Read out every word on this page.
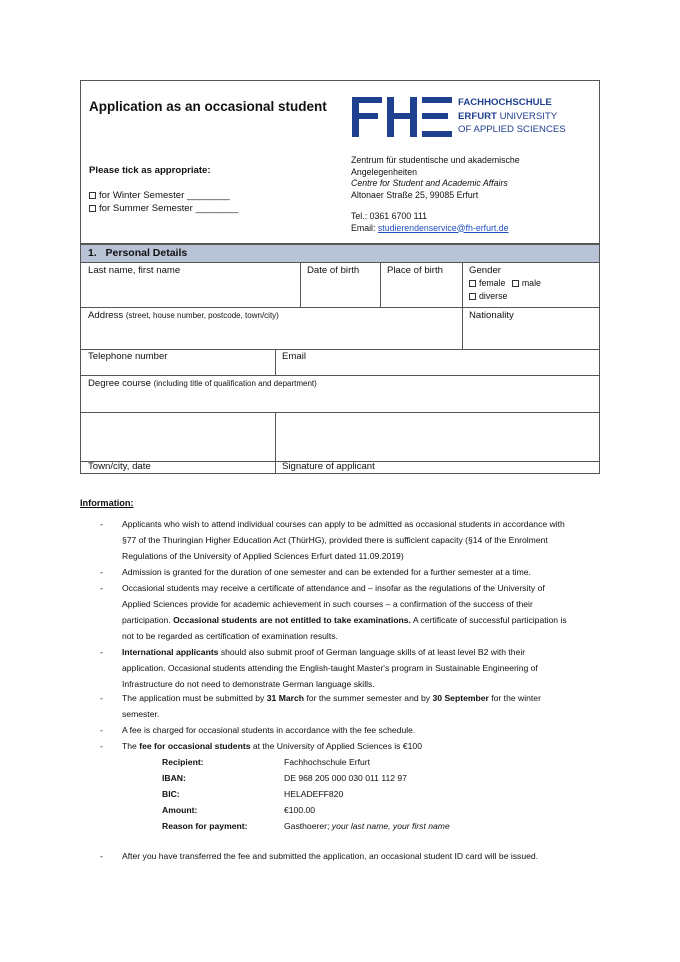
Application as an occasional student
Please tick as appropriate:
for Winter Semester ________
for Summer Semester ________
FACHHOCHSCHULE
ERFURT UNIVERSITY
OF APPLIED SCIENCES
Zentrum für studentische und akademische
Angelegenheiten
Centre for Student and Academic Affairs
Altonaer Straße 25, 99085 Erfurt
Tel.: 0361 6700 111
Email: studierendenservice@fh-erfurt.de
1.   Personal Details
Last name, first name	Date of birth	Place of birth	Gender
female male
diverse
Address (street, house number, postcode, town/city)	Nationality
Telephone number	Email
Degree course (including title of qualification and department)
Town/city, date	Signature of applicant
Information:
-	Applicants who wish to attend individual courses can apply to be admitted as occasional students in accordance with
§77 of the Thuringian Higher Education Act (ThürHG), provided there is sufficient capacity (§14 of the Enrolment
Regulations of the University of Applied Sciences Erfurt dated 11.09.2019)
-	Admission is granted for the duration of one semester and can be extended for a further semester at a time.
-	Occasional students may receive a certificate of attendance and – insofar as the regulations of the University of
Applied Sciences provide for academic achievement in such courses – a confirmation of the success of their
participation. Occasional students are not entitled to take examinations. A certificate of successful participation is
not to be regarded as certification of examination results.
-	International applicants should also submit proof of German language skills of at least level B2 with their
application. Occasional students attending the English-taught Master's program in Sustainable Engineering of
Infrastructure do not need to demonstrate German language skills.
-	The application must be submitted by 31 March for the summer semester and by 30 September for the winter
semester.
-	A fee is charged for occasional students in accordance with the fee schedule.
-	The fee for occasional students at the University of Applied Sciences is €100
Recipient:	Fachhochschule Erfurt
IBAN:	DE 968 205 000 030 011 112 97
BIC:	HELADEFF820
Amount:	€100.00
Reason for payment:	Gasthoerer; your last name, your first name
-	After you have transferred the fee and submitted the application, an occasional student ID card will be issued.
